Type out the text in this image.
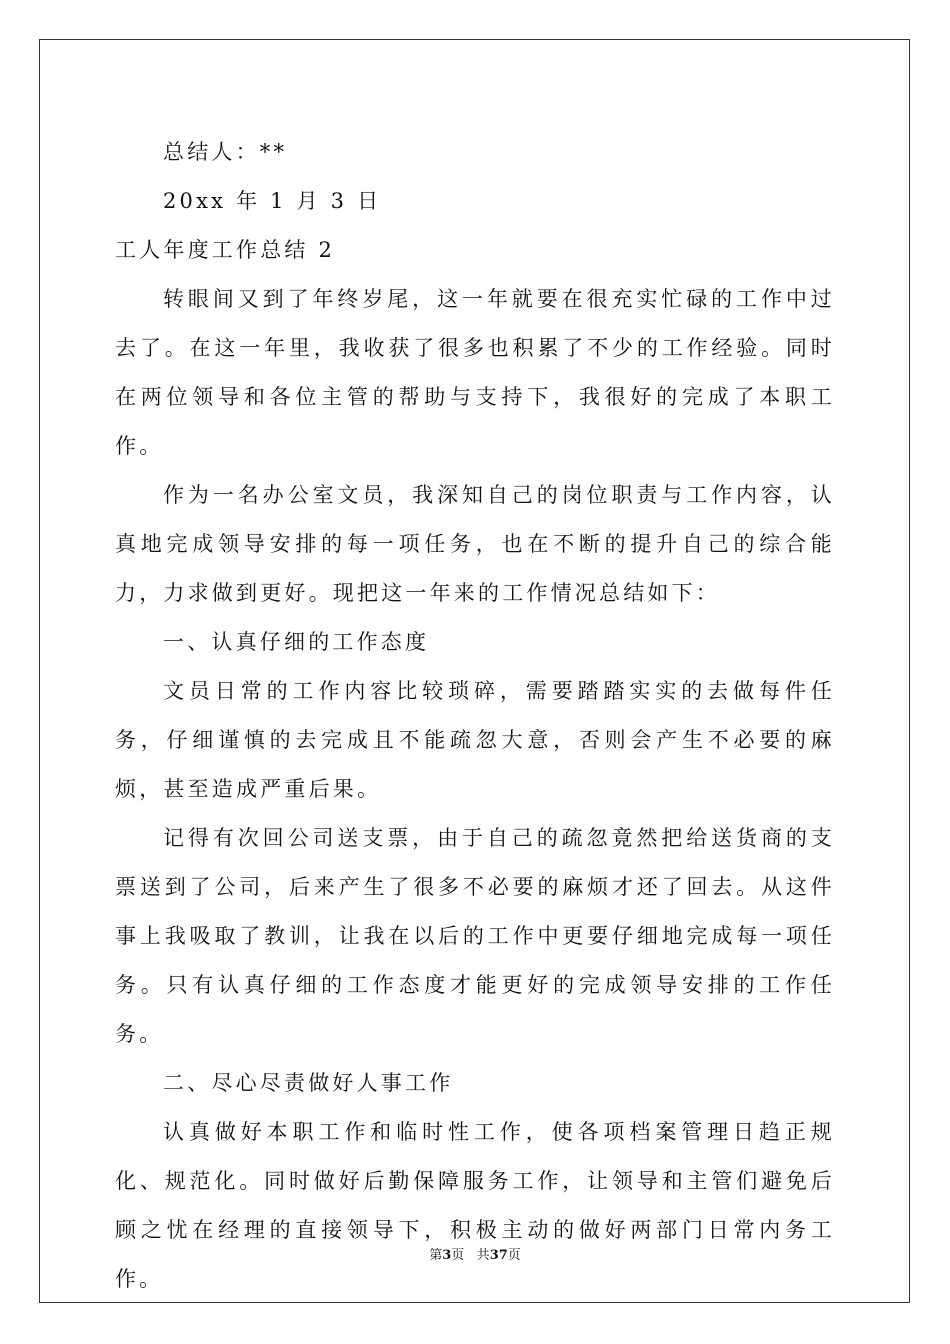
总结人：**
20xx 年 1 月 3 日
工人年度工作总结 2

转眼间又到了年终岁尾，这一年就要在很充实忙碌的工作中过去了。在这一年里，我收获了很多也积累了不少的工作经验。同时在两位领导和各位主管的帮助与支持下，我很好的完成了本职工作。

作为一名办公室文员，我深知自己的岗位职责与工作内容，认真地完成领导安排的每一项任务，也在不断的提升自己的综合能力，力求做到更好。现把这一年来的工作情况总结如下：

一、认真仔细的工作态度

文员日常的工作内容比较琐碎，需要踏踏实实的去做每件任务，仔细谨慎的去完成且不能疏忽大意，否则会产生不必要的麻烦，甚至造成严重后果。

记得有次回公司送支票，由于自己的疏忽竟然把给送货商的支票送到了公司，后来产生了很多不必要的麻烦才还了回去。从这件事上我吸取了教训，让我在以后的工作中更要仔细地完成每一项任务。只有认真仔细的工作态度才能更好的完成领导安排的工作任务。

二、尽心尽责做好人事工作

认真做好本职工作和临时性工作，使各项档案管理日趋正规化、规范化。同时做好后勤保障服务工作，让领导和主管们避免后顾之忧在经理的直接领导下，积极主动的做好两部门日常内务工作。

第3页 共37页
